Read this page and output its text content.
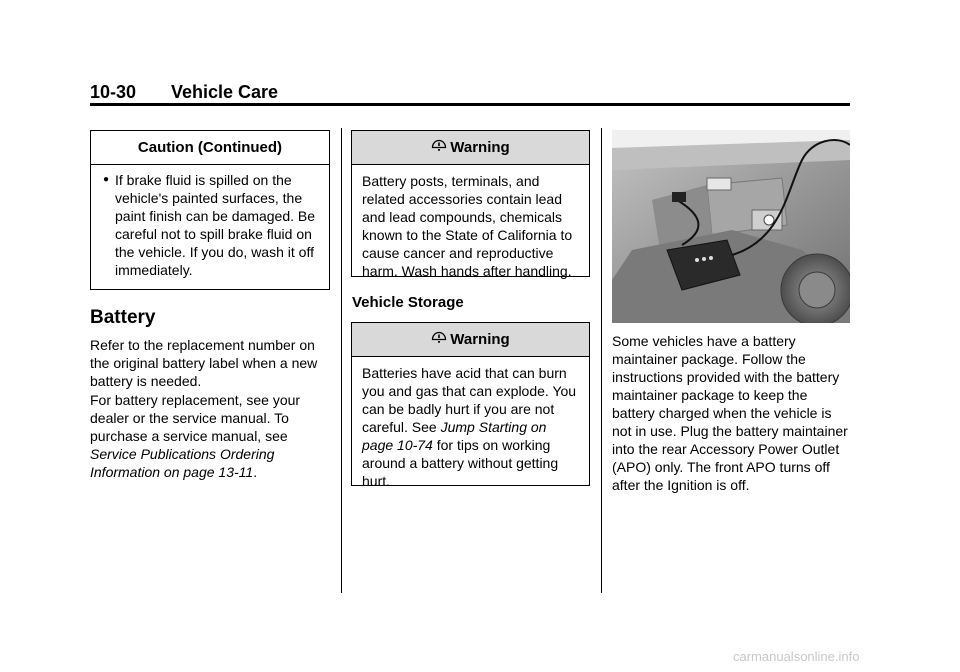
10-30 Vehicle Care
Caution (Continued)
● If brake fluid is spilled on the vehicle's painted surfaces, the paint finish can be damaged. Be careful not to spill brake fluid on the vehicle. If you do, wash it off immediately.
Battery
Refer to the replacement number on the original battery label when a new battery is needed.
For battery replacement, see your dealer or the service manual. To purchase a service manual, see Service Publications Ordering Information on page 13-11.
Warning
Battery posts, terminals, and related accessories contain lead and lead compounds, chemicals known to the State of California to cause cancer and reproductive harm. Wash hands after handling.
Vehicle Storage
Warning
Batteries have acid that can burn you and gas that can explode. You can be badly hurt if you are not careful. See Jump Starting on page 10-74 for tips on working around a battery without getting hurt.
Some vehicles have a battery maintainer package. Follow the instructions provided with the battery maintainer package to keep the battery charged when the vehicle is not in use. Plug the battery maintainer into the rear Accessory Power Outlet (APO) only. The front APO turns off after the Ignition is off.
carmanualsonline.info
